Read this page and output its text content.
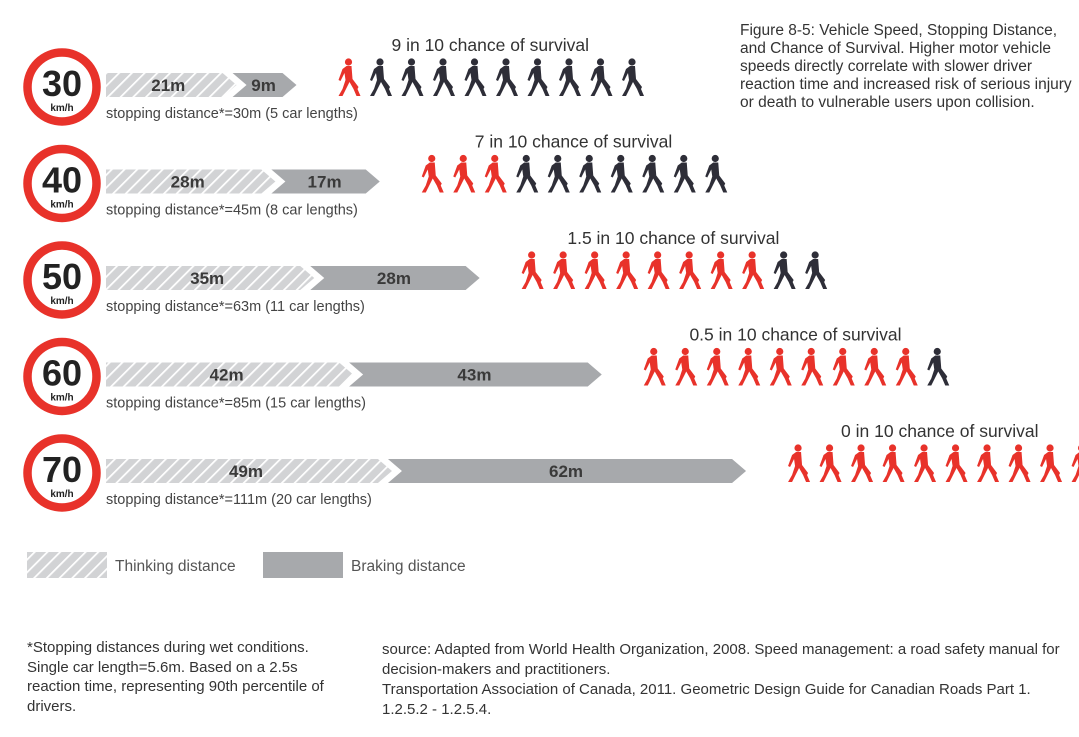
Figure 8-5: Vehicle Speed, Stopping Distance, and Chance of Survival. Higher motor vehicle speeds directly correlate with slower driver reaction time and increased risk of serious injury or death to vulnerable users upon collision.

30
km/h
21m	9m
stopping distance*=30m (5 car lengths)
9 in 10 chance of survival
40
km/h
28m	17m
stopping distance*=45m (8 car lengths)
7 in 10 chance of survival
50
km/h
35m	28m
stopping distance*=63m (11 car lengths)
1.5 in 10 chance of survival
60
km/h
42m	43m
stopping distance*=85m (15 car lengths)
0.5 in 10 chance of survival
70
km/h
49m	62m
stopping distance*=111m (20 car lengths)
0 in 10 chance of survival
Thinking distance	Braking distance

*Stopping distances during wet conditions. Single car length=5.6m. Based on a 2.5s reaction time, representing 90th percentile of drivers.

source: Adapted from World Health Organization, 2008. Speed management: a road safety manual for decision-makers and practitioners.
Transportation Association of Canada, 2011. Geometric Design Guide for Canadian Roads Part 1. 1.2.5.2 - 1.2.5.4.
